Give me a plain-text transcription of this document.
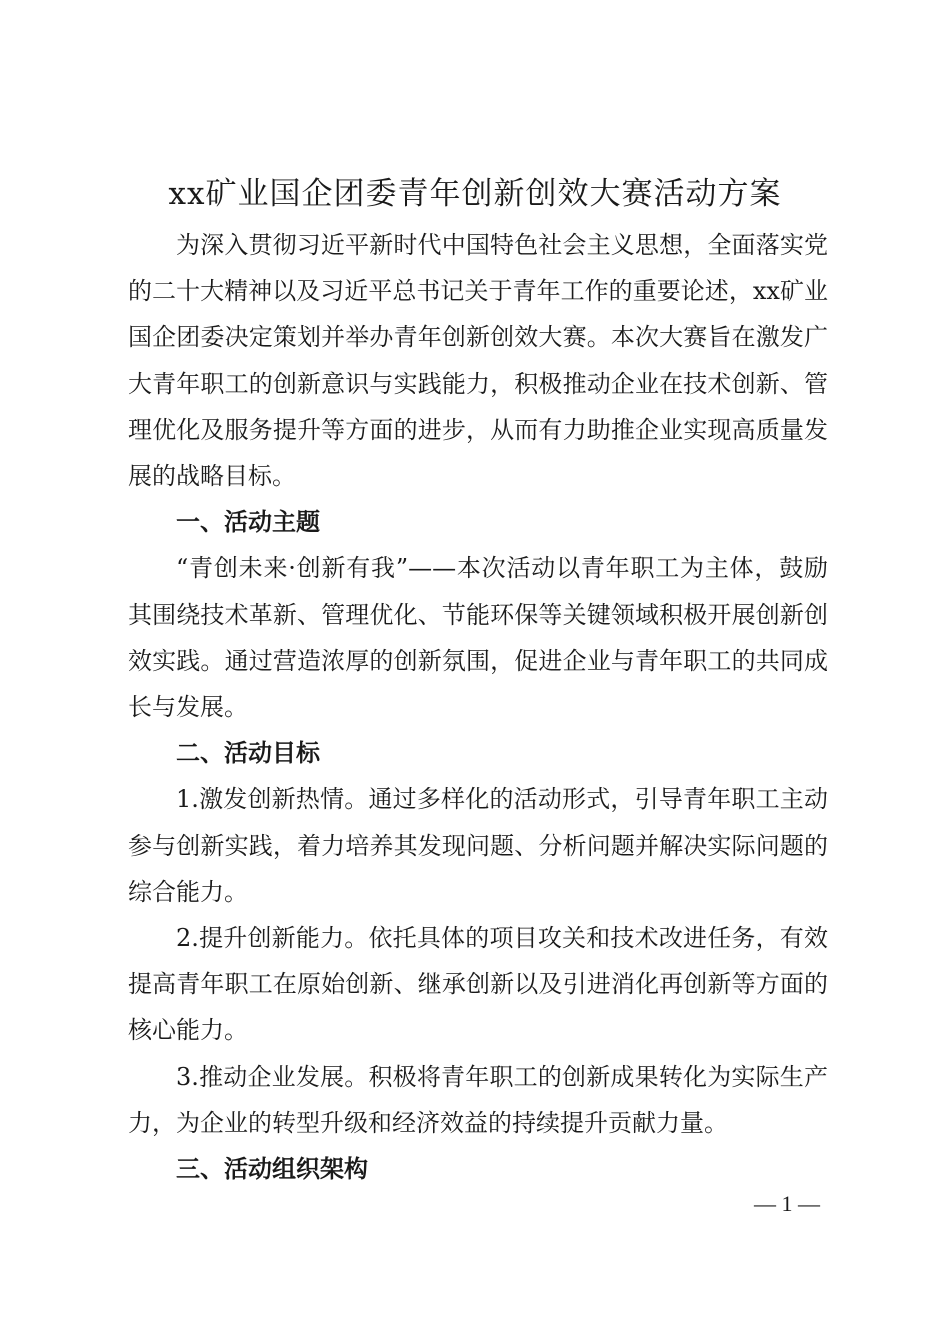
xx矿业国企团委青年创新创效大赛活动方案

为深入贯彻习近平新时代中国特色社会主义思想，全面落实党的二十大精神以及习近平总书记关于青年工作的重要论述，xx矿业国企团委决定策划并举办青年创新创效大赛。本次大赛旨在激发广大青年职工的创新意识与实践能力，积极推动企业在技术创新、管理优化及服务提升等方面的进步，从而有力助推企业实现高质量发展的战略目标。

一、活动主题

“青创未来·创新有我”——本次活动以青年职工为主体，鼓励其围绕技术革新、管理优化、节能环保等关键领域积极开展创新创效实践。通过营造浓厚的创新氛围，促进企业与青年职工的共同成长与发展。

二、活动目标

1.激发创新热情。通过多样化的活动形式，引导青年职工主动参与创新实践，着力培养其发现问题、分析问题并解决实际问题的综合能力。

2.提升创新能力。依托具体的项目攻关和技术改进任务，有效提高青年职工在原始创新、继承创新以及引进消化再创新等方面的核心能力。

3.推动企业发展。积极将青年职工的创新成果转化为实际生产力，为企业的转型升级和经济效益的持续提升贡献力量。

三、活动组织架构
— 1 —
